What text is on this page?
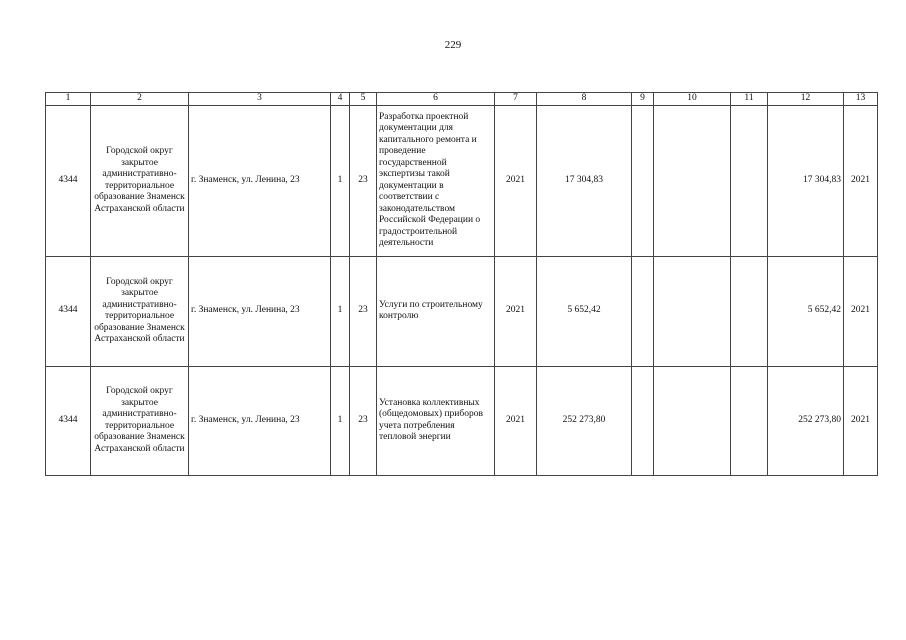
229
1	2	3	4	5	6	7	8	9	10	11	12	13
4344	Городской округ закрытое административно-территориальное образование Знаменск Астраханской области	г. Знаменск, ул. Ленина, 23	1	23	Разработка проектной документации для капитального ремонта и проведение государственной экспертизы такой документации в соответствии с законодательством Российской Федерации о градостроительной деятельности	2021	17 304,83				17 304,83	2021
4344	Городской округ закрытое административно-территориальное образование Знаменск Астраханской области	г. Знаменск, ул. Ленина, 23	1	23	Услуги по строительному контролю	2021	5 652,42				5 652,42	2021
4344	Городской округ закрытое административно-территориальное образование Знаменск Астраханской области	г. Знаменск, ул. Ленина, 23	1	23	Установка коллективных (общедомовых) приборов учета потребления тепловой энергии	2021	252 273,80				252 273,80	2021
